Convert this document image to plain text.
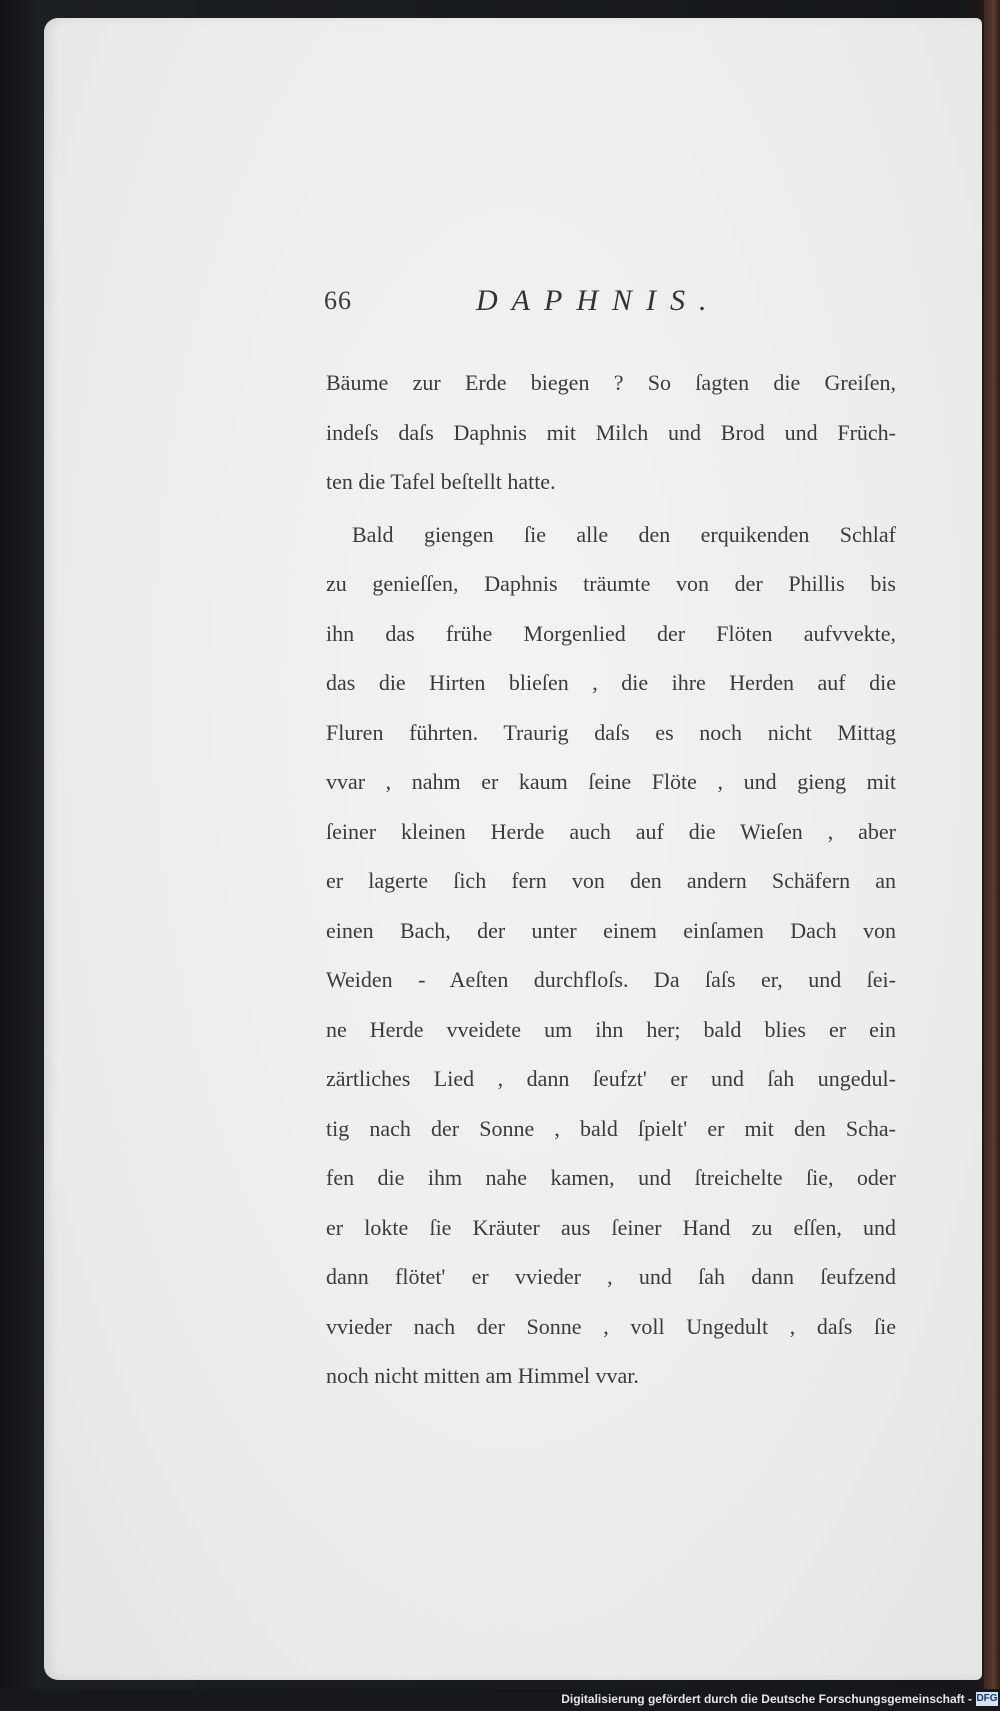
66	DAPHNIS.
Bäume zur Erde biegen ? So ſagten die Greiſen,
indeſs daſs Daphnis mit Milch und Brod und Früch-
ten die Tafel beſtellt hatte.
Bald giengen ſie alle den erquikenden Schlaf
zu genieſſen, Daphnis träumte von der Phillis bis
ihn das frühe Morgenlied der Flöten aufvvekte,
das die Hirten blieſen , die ihre Herden auf die
Fluren führten. Traurig daſs es noch nicht Mittag
vvar , nahm er kaum ſeine Flöte , und gieng mit
ſeiner kleinen Herde auch auf die Wieſen , aber
er lagerte ſich fern von den andern Schäfern an
einen Bach, der unter einem einſamen Dach von
Weiden - Aeſten durchfloſs. Da ſaſs er, und ſei-
ne Herde vveidete um ihn her; bald blies er ein
zärtliches Lied , dann ſeufzt' er und ſah ungedul-
tig nach der Sonne , bald ſpielt' er mit den Scha-
fen die ihm nahe kamen, und ſtreichelte ſie, oder
er lokte ſie Kräuter aus ſeiner Hand zu eſſen, und
dann flötet' er vvieder , und ſah dann ſeufzend
vvieder nach der Sonne , voll Ungedult , daſs ſie
noch nicht mitten am Himmel vvar.
Digitalisierung gefördert durch die Deutsche Forschungsgemeinschaft - DFG
